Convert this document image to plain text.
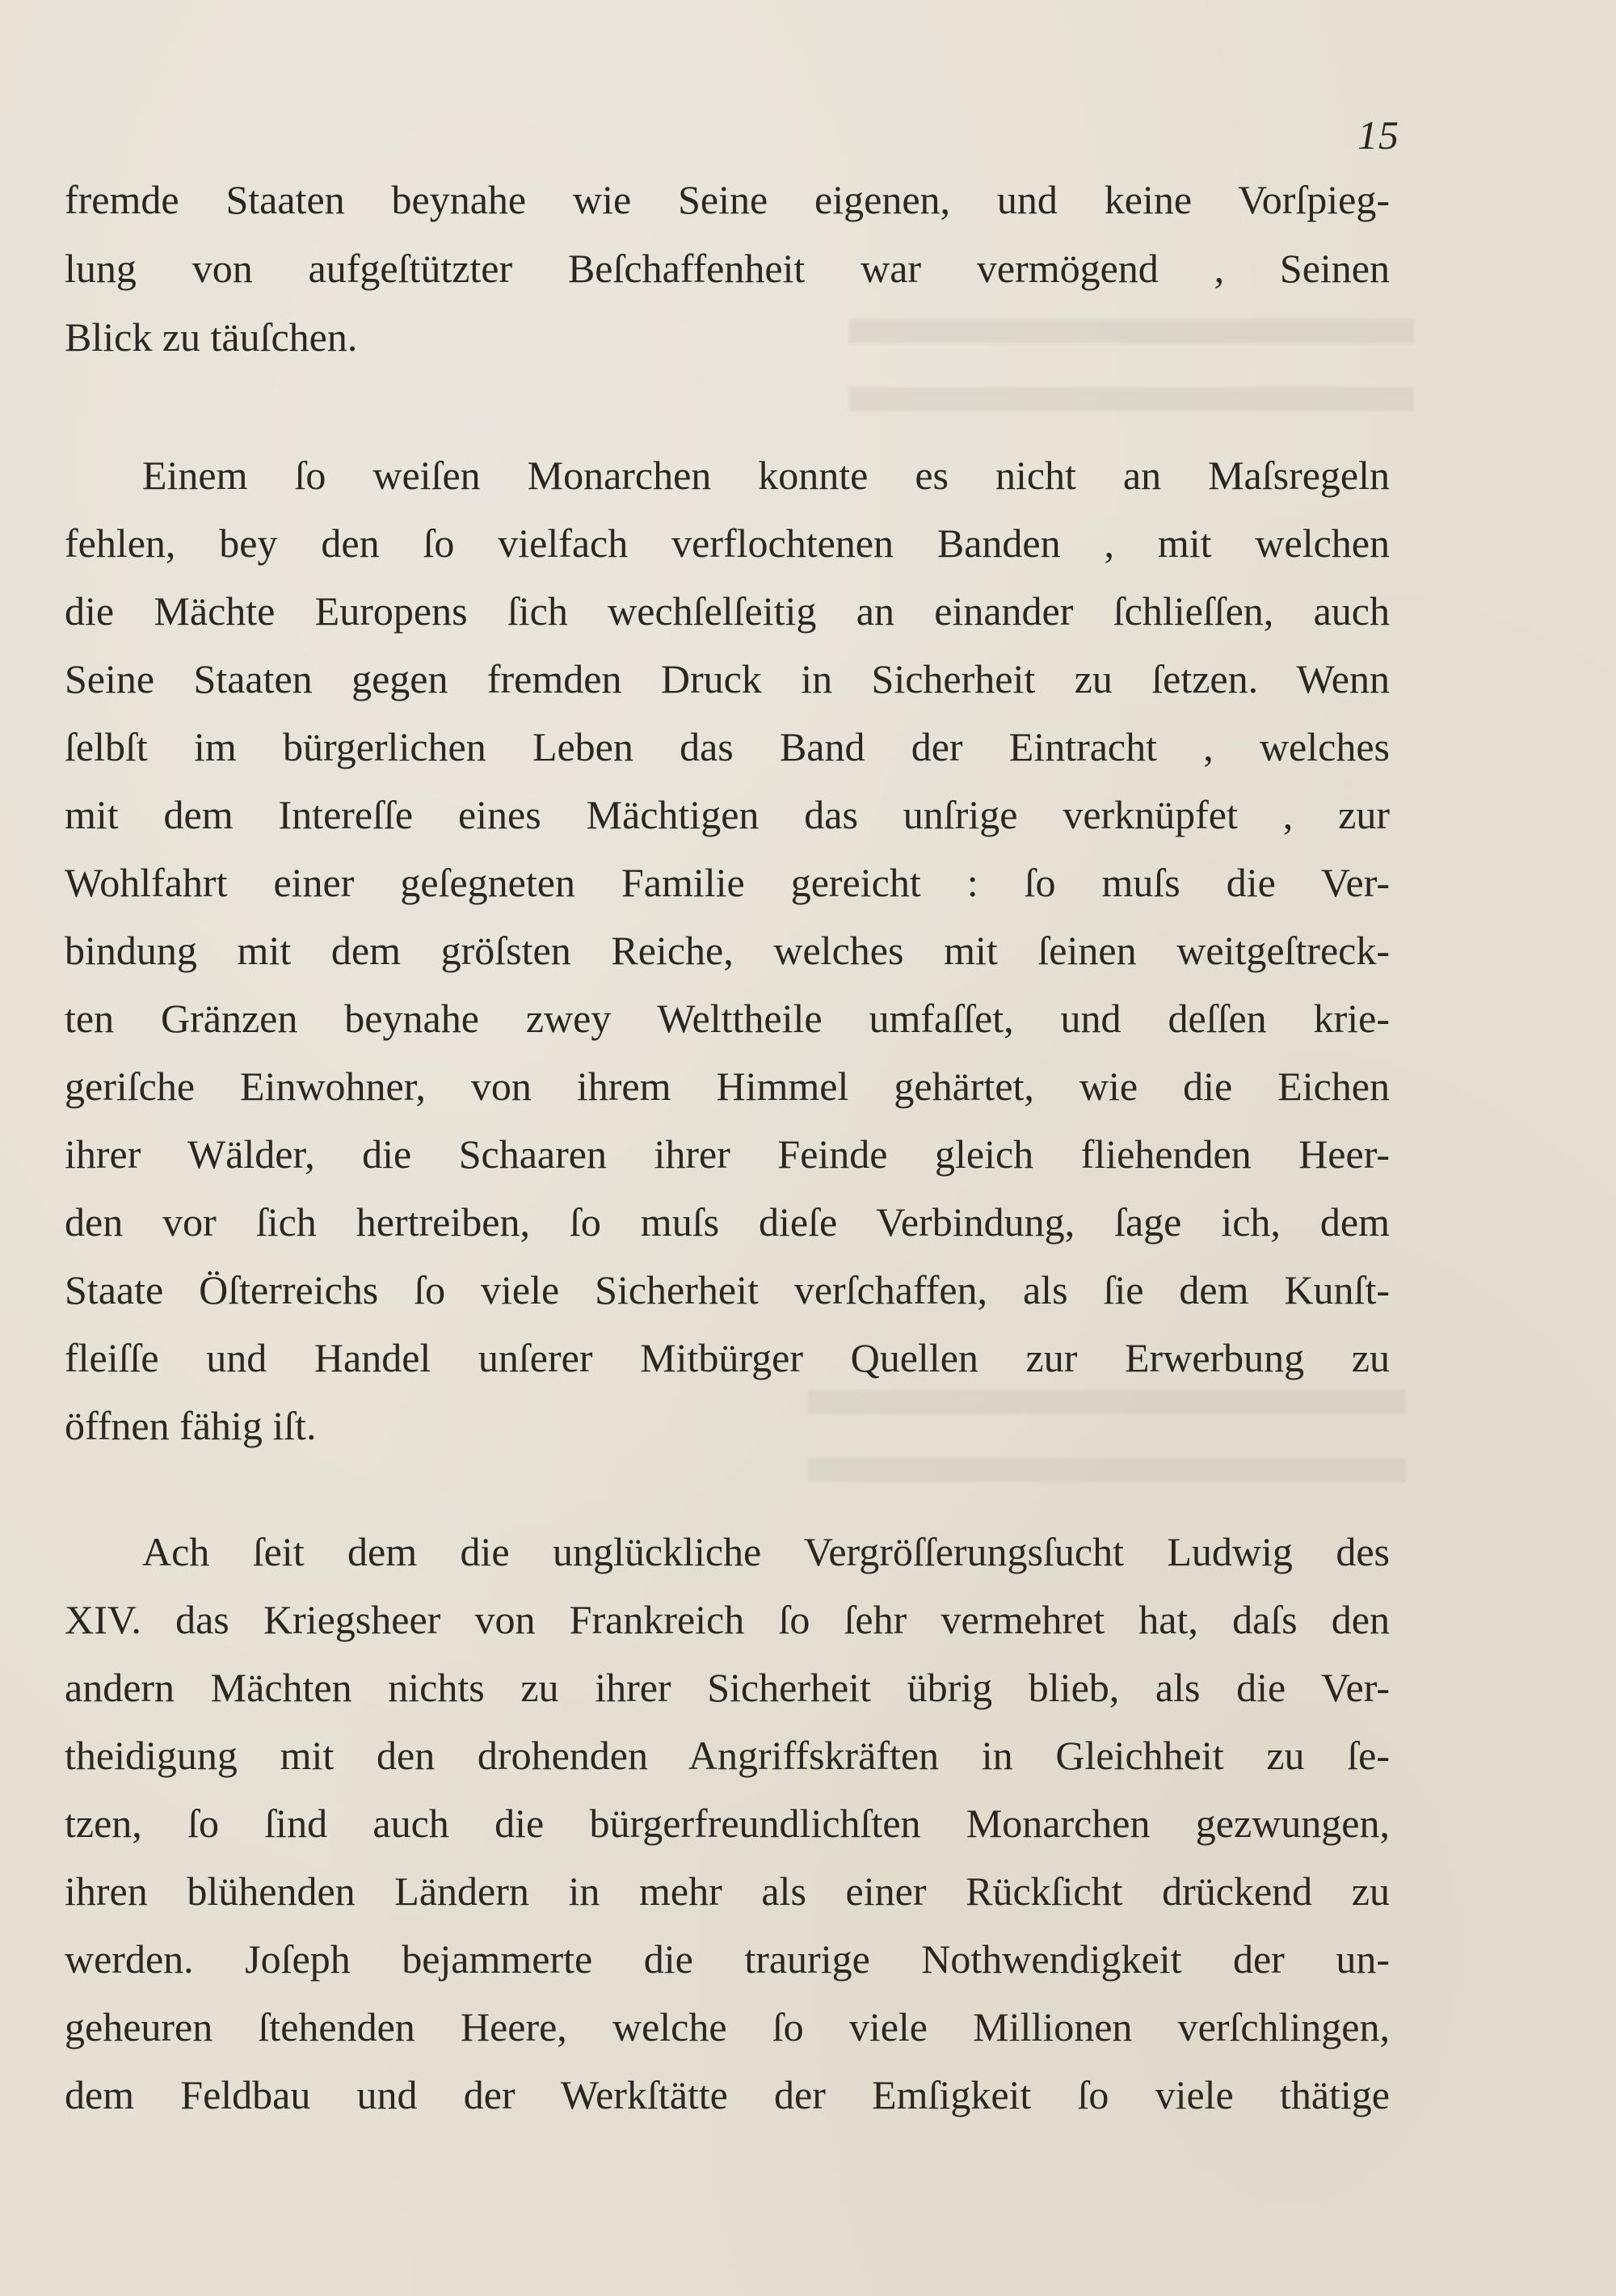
15
fremde Staaten beynahe wie Seine eigenen, und keine Vorſpieg-
lung von aufgeſtützter Beſchaffenheit war vermögend , Seinen
Blick zu täuſchen.
Einem ſo weiſen Monarchen konnte es nicht an Maſsregeln
fehlen, bey den ſo vielfach verflochtenen Banden , mit welchen
die Mächte Europens ſich wechſelſeitig an einander ſchlieſſen, auch
Seine Staaten gegen fremden Druck in Sicherheit zu ſetzen. Wenn
ſelbſt im bürgerlichen Leben das Band der Eintracht , welches
mit dem Intereſſe eines Mächtigen das unſrige verknüpfet , zur
Wohlfahrt einer geſegneten Familie gereicht : ſo muſs die Ver-
bindung mit dem gröſsten Reiche, welches mit ſeinen weitgeſtreck-
ten Gränzen beynahe zwey Welttheile umfaſſet, und deſſen krie-
geriſche Einwohner, von ihrem Himmel gehärtet, wie die Eichen
ihrer Wälder, die Schaaren ihrer Feinde gleich fliehenden Heer-
den vor ſich hertreiben, ſo muſs dieſe Verbindung, ſage ich, dem
Staate Öſterreichs ſo viele Sicherheit verſchaffen, als ſie dem Kunſt-
fleiſſe und Handel unſerer Mitbürger Quellen zur Erwerbung zu
öffnen fähig iſt.
Ach ſeit dem die unglückliche Vergröſſerungsſucht Ludwig des
XIV. das Kriegsheer von Frankreich ſo ſehr vermehret hat, daſs den
andern Mächten nichts zu ihrer Sicherheit übrig blieb, als die Ver-
theidigung mit den drohenden Angriffskräften in Gleichheit zu ſe-
tzen, ſo ſind auch die bürgerfreundlichſten Monarchen gezwungen,
ihren blühenden Ländern in mehr als einer Rückſicht drückend zu
werden. Joſeph bejammerte die traurige Nothwendigkeit der un-
geheuren ſtehenden Heere, welche ſo viele Millionen verſchlingen,
dem Feldbau und der Werkſtätte der Emſigkeit ſo viele thätige
